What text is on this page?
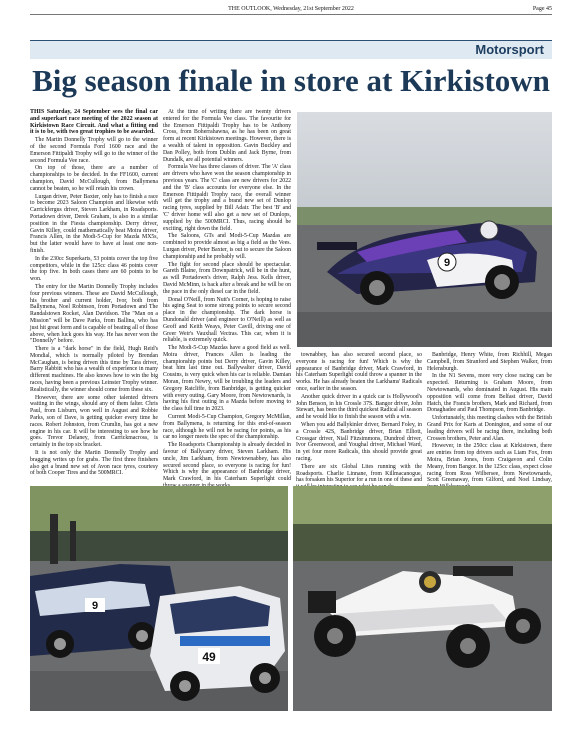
THE OUTLOOK, Wednesday, 21st September 2022	Page 45
Motorsport
Big season finale in store at Kirkistown

THIS Saturday, 24 September sees the final car and superkart race meeting of the 2022 season at Kirkistown Race Circuit. And what a fitting end it is to be, with two great trophies to be awarded.

The Martin Donnelly Trophy will go to the winner of the second Formula Ford 1600 race and the Emerson Fittipaldi Trophy will go to the winner of the second Formula Vee race.

On top of those, there are a number of championships to be decided. In the FF1600, current champion, David McCullough, from Ballymena cannot be beaten, so he will retain his crown.

Lurgan driver, Peter Baxter, only has to finish a race to become 2023 Saloon Champion and likewise with Carrickfergus driver, Steven Larkham, in Roadsports. Portadown driver, Derek Graham, is also in a similar position in the Fiesta championship. Derry driver, Gavin Killey, could mathematically beat Moira driver, Francis Allen, in the Modi-5-Cup for Mazda MX5s, but the latter would have to have at least one non-finish.

In the 230cc Superkarts, 53 points cover the top five competitors, while in the 125cc class 46 points cover the top five. In both cases there are 60 points to be won.

The entry for the Martin Donnelly Trophy includes four previous winners. These are David McCullough, his brother and current holder, Ivor, both from Ballymena, Noel Robinson, from Portadown and The Randalstown Rocket, Alan Davidson. The "Man on a Mission" will be Dave Parks, from Ballina, who has just hit great form and is capable of beating all of those above, when luck goes his way. He has never won the "Donnelly" before.

There is a "dark horse" in the field, Hugh Reid's Mondial, which is normally piloted by Brendan McCaughan, is being driven this time by Tara driver, Barry Rabbitt who has a wealth of experience in many different machines. He also knows how to win the big races, having been a previous Leinster Trophy winner. Realistically, the winner should come from these six.

However, there are some other talented drivers waiting in the wings, should any of them falter. Chris Paul, from Lisburn, won well in August and Robbie Parks, son of Dave, is getting quicker every time he races. Robert Johnston, from Crumlin, has got a new engine in his car. It will be interesting to see how he goes. Trevor Delaney, from Carrickmacross, is certainly in the top six bracket.

It is not only the Martin Donnelly Trophy and bragging writes up for grabs. The first three finishers also get a brand new set of Avon race tyres, courtesy of both Cooper Tires and the 500MRCI.

At the time of writing there are twenty drivers entered for the Formula Vee class. The favourite for the Emerson Fittipaldi Trophy has to be Anthony Cross, from Boherrahawna, as he has been on great form at recent Kirkistown meetings. However, there is a wealth of talent in opposition. Gavin Buckley and Dan Polley, both from Dublin and Jack Byrne, from Dundalk, are all potential winners.

Formula Vee has three classes of driver. The 'A' class are drivers who have won the season championship in previous years. The 'C' class are new drivers for 2022 and the 'B' class accounts for everyone else. In the Emerson Fittipaldi Trophy race, the overall winner will get the trophy and a brand new set of Dunlop racing tyres, supplied by Bill Adair. The best 'B' and 'C' driver home will also get a new set of Dunlops, supplied by the 500MRCI. Thus, racing should be exciting, right down the field.

The Saloons, GTs and Modi-5-Cup Mazdas are combined to provide almost as big a field as the Vees. Lurgan driver, Peter Baxter, is out to secure the Saloon championship and he probably will.

The fight for second place should be spectacular. Gareth Blaine, from Downpatrick, will be in the hunt, as will Portadown's driver, Ralph Jess. Kells driver, David McMinn, is back after a break and he will be on the pace in the only diesel car in the field.

Donal O'Neill, from Nutt's Corner, is hoping to raise his aging Seat to some strong points to secure second place in the championship. The dark horse is Dundonald driver (and engineer to O'Neill) as well as Geoff and Keith Weays, Peter Cavill, driving one of Greer Weir's Vauxhall Vectras. This car, when it is reliable, is extremely quick.

The Modi-5-Cup Mazdas have a good field as well. Moira driver, Frances Allen is leading the championship points but Derry driver, Gavin Killey, beat him last time out. Ballywalter driver, David Cousins, is very quick when his car is reliable. Damian Moran, from Newry, will be troubling the leaders and Gregory Ratcliffe, from Banbridge, is getting quicker with every outing. Gary Moore, from Newtownards, is having his first outing in a Mazda before moving to the class full time in 2023.

Current Modi-5-Cup Champion, Gregory McMillan, from Ballymena, is returning for this end-of-season race, although he will not be racing for points, as his car no longer meets the spec of the championship.

The Roadsports Championship is already decided in favour of Ballycarry driver, Steven Larkham. His uncle, Jim Larkham, from Newtownabbey, has also secured second place, so everyone is racing for fun! Which is why the appearance of Banbridge driver, Mark Crawford, in his Caterham Superlight could

9

townabbey, has also secured second place, so everyone is racing for fun! Which is why the appearance of Banbridge driver, Mark Crawford, in his Caterham Superlight could throw a spanner in the works. He has already beaten the Larkhams' Radicals once, earlier in the season.

Another quick driver in a quick car is Hollywood's John Benson, in his Crossle 37S. Bangor driver, John Stewart, has been the third quickest Radical all season and he would like to finish the season with a win.

When you add Ballykinler driver, Bernard Foley, in a Crossle 42S, Banbridge driver, Brian Elliott, Crossgar driver, Niall Fitzsimmons, Dundrod driver, Ivor Greenwood, and Youghal driver, Michael Ward, in yet four more Radicals, this should provide great racing.

There are six Global Lites running with the Roadsports. Charlie Linnane, from Killmacanogue, has forsaken his Superior for a run in one of these and

Banbridge, Henry White, from Richhill, Megan Campbell, from Stranford and Stephen Walker, from Helensburgh.

In the N1 Sevens, more very close racing can be expected. Returning is Graham Moore, from Newtownards, who dominated in August. His main opposition will come from Belfast driver, David Hatch, the Francis brothers, Mark and Richard, from Donaghadee and Paul Thompson, from Banbridge.

Unfortunately, this meeting clashes with the British Grand Prix for Karts at Donington, and some of our leading drivers will be racing there, including both Crossen brothers, Peter and Alan.

However, in the 250cc class at Kirkistown, there are entries from top drivers such as Liam Fox, from Moira, Brian Jones, from Craigavon and Colin Meany, from Bangor. In the 125cc class, expect close racing from Ross Wilbersee, from Newtownards, Scott Greenaway, from Gilford, and Noel Lindsay,

9
49
